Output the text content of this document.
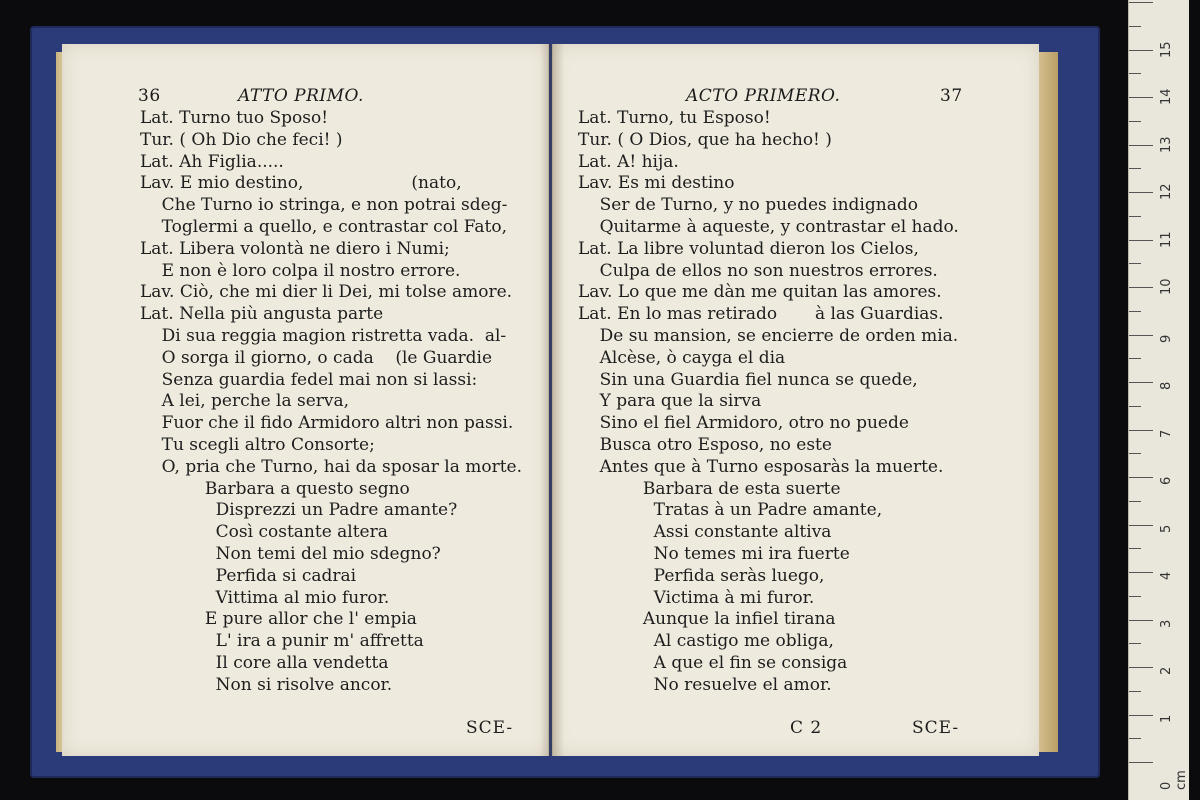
36	ATTO PRIMO.
Lat. Turno tuo Sposo!
Tur. ( Oh Dio che feci! )
Lat. Ah Figlia.....
Lav. E mio destino,                    (nato,
Che Turno io stringa, e non potrai sdeg-
Toglermi a quello, e contrastar col Fato,
Lat. Libera volontà ne diero i Numi;
E non è loro colpa il nostro errore.
Lav. Ciò, che mi dier li Dei, mi tolse amore.
Lat. Nella più angusta parte
Di sua reggia magion ristretta vada.  al-
O sorga il giorno, o cada    (le Guardie
Senza guardia fedel mai non si lassi:
A lei, perche la serva,
Fuor che il fido Armidoro altri non passi.
Tu scegli altro Consorte;
O, pria che Turno, hai da sposar la morte.
Barbara a questo segno
Disprezzi un Padre amante?
Così costante altera
Non temi del mio sdegno?
Perfida si cadrai
Vittima al mio furor.
E pure allor che l' empia
L' ira a punir m' affretta
Il core alla vendetta
Non si risolve ancor.
SCE-
ACTO PRIMERO.	37
Lat. Turno, tu Esposo!
Tur. ( O Dios, que ha hecho! )
Lat. A! hija.
Lav. Es mi destino
Ser de Turno, y no puedes indignado
Quitarme à aqueste, y contrastar el hado.
Lat. La libre voluntad dieron los Cielos,
Culpa de ellos no son nuestros errores.
Lav. Lo que me dàn me quitan las amores.
Lat. En lo mas retirado       à las Guardias.
De su mansion, se encierre de orden mia.
Alcèse, ò cayga el dia
Sin una Guardia fiel nunca se quede,
Y para que la sirva
Sino el fiel Armidoro, otro no puede
Busca otro Esposo, no este
Antes que à Turno esposaràs la muerte.
Barbara de esta suerte
Tratas à un Padre amante,
Assi constante altiva
No temes mi ira fuerte
Perfida seràs luego,
Victima à mi furor.
Aunque la infiel tirana
Al castigo me obliga,
A que el fin se consiga
No resuelve el amor.
C 2	SCE-
0 cm
1
2
3
4
5
6
7
8
9
10
11
12
13
14
15
